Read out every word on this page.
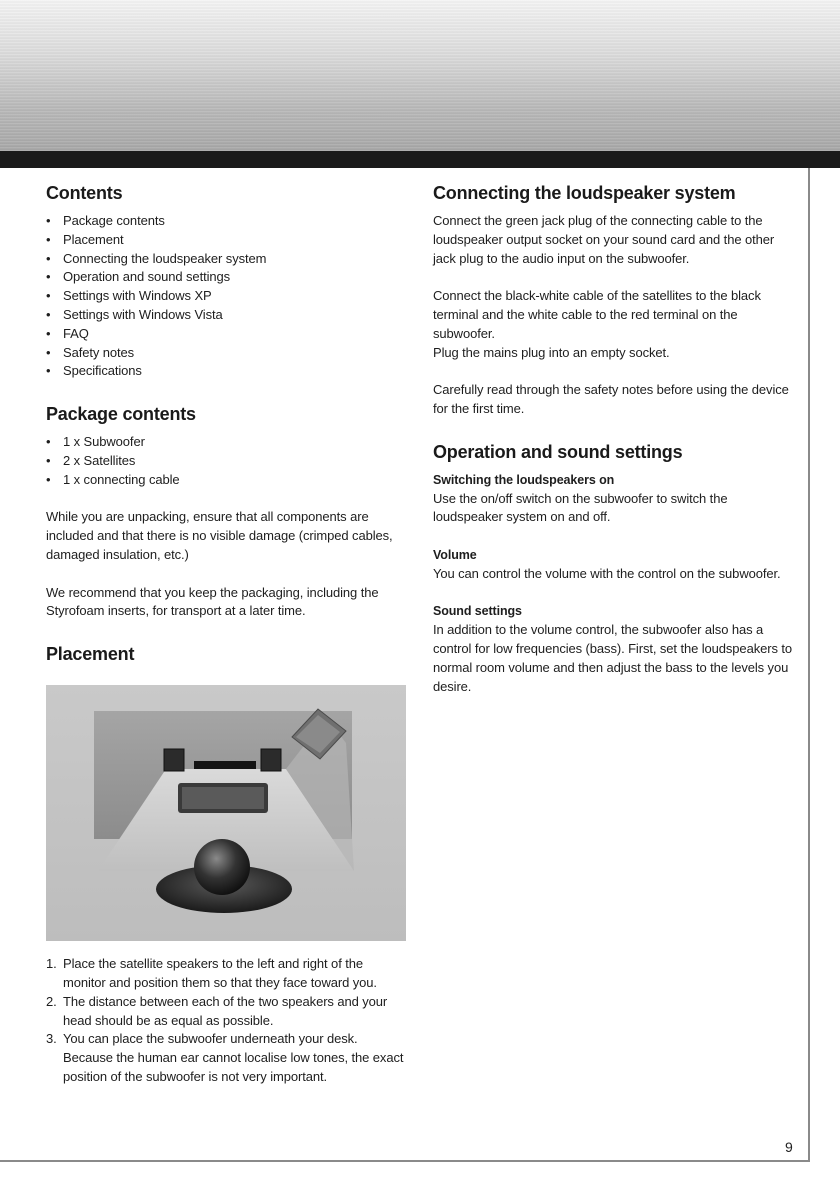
9
Contents
• Package contents
• Placement
• Connecting the loudspeaker system
• Operation and sound settings
• Settings with Windows XP
• Settings with Windows Vista
• FAQ
• Safety notes
• Specifications
Package contents
• 1 x Subwoofer
• 2 x Satellites
• 1 x connecting cable

While you are unpacking, ensure that all components are included and that there is no visible damage (crimped cables, damaged insulation, etc.)

We recommend that you keep the packaging, including the Styrofoam inserts, for transport at a later time.

Placement
1. Place the satellite speakers to the left and right of the monitor and position them so that they face toward you.
2. The distance between each of the two speakers and your head should be as equal as possible.
3. You can place the subwoofer underneath your desk. Because the human ear cannot localise low tones, the exact position of the subwoofer is not very important.
Connecting the loudspeaker system

Connect the green jack plug of the connecting cable to the loudspeaker output socket on your sound card and the other jack plug to the audio input on the subwoofer.

Connect the black-white cable of the satellites to the black terminal and the white cable to the red terminal on the subwoofer.

Plug the mains plug into an empty socket.

Carefully read through the safety notes before using the device for the first time.

Operation and sound settings

Switching the loudspeakers on

Use the on/off switch on the subwoofer to switch the loudspeaker system on and off.

Volume

You can control the volume with the control on the subwoofer.

Sound settings

In addition to the volume control, the subwoofer also has a control for low frequencies (bass). First, set the loudspeakers to normal room volume and then adjust the bass to the levels you desire.
